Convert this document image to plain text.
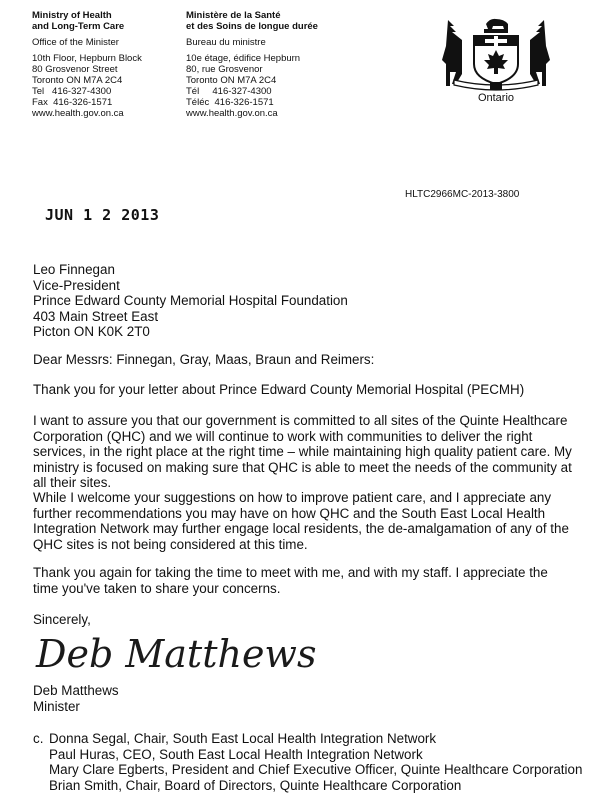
Ministry of Health
and Long-Term Care
Office of the Minister
10th Floor, Hepburn Block
80 Grosvenor Street
Toronto ON M7A 2C4
Tel   416-327-4300
Fax  416-326-1571
www.health.gov.on.ca
Ministère de la Santé
et des Soins de longue durée
Bureau du ministre
10e étage, édifice Hepburn
80, rue Grosvenor
Toronto ON M7A 2C4
Tél     416-327-4300
Téléc  416-326-1571
www.health.gov.on.ca
Ontario
HLTC2966MC-2013-3800
JUN 1 2 2013
Leo Finnegan
Vice-President
Prince Edward County Memorial Hospital Foundation
403 Main Street East
Picton ON K0K 2T0
Dear Messrs: Finnegan, Gray, Maas, Braun and Reimers:

Thank you for your letter about Prince Edward County Memorial Hospital (PECMH)

I want to assure you that our government is committed to all sites of the Quinte Healthcare Corporation (QHC) and we will continue to work with communities to deliver the right services, in the right place at the right time – while maintaining high quality patient care. My ministry is focused on making sure that QHC is able to meet the needs of the community at all their sites.

While I welcome your suggestions on how to improve patient care, and I appreciate any further recommendations you may have on how QHC and the South East Local Health Integration Network may further engage local residents, the de-amalgamation of any of the QHC sites is not being considered at this time.

Thank you again for taking the time to meet with me, and with my staff. I appreciate the time you've taken to share your concerns.

Sincerely,
Deb Matthews
Deb Matthews
Minister
c. Donna Segal, Chair, South East Local Health Integration Network
Paul Huras, CEO, South East Local Health Integration Network
Mary Clare Egberts, President and Chief Executive Officer, Quinte Healthcare Corporation
Brian Smith, Chair, Board of Directors, Quinte Healthcare Corporation
